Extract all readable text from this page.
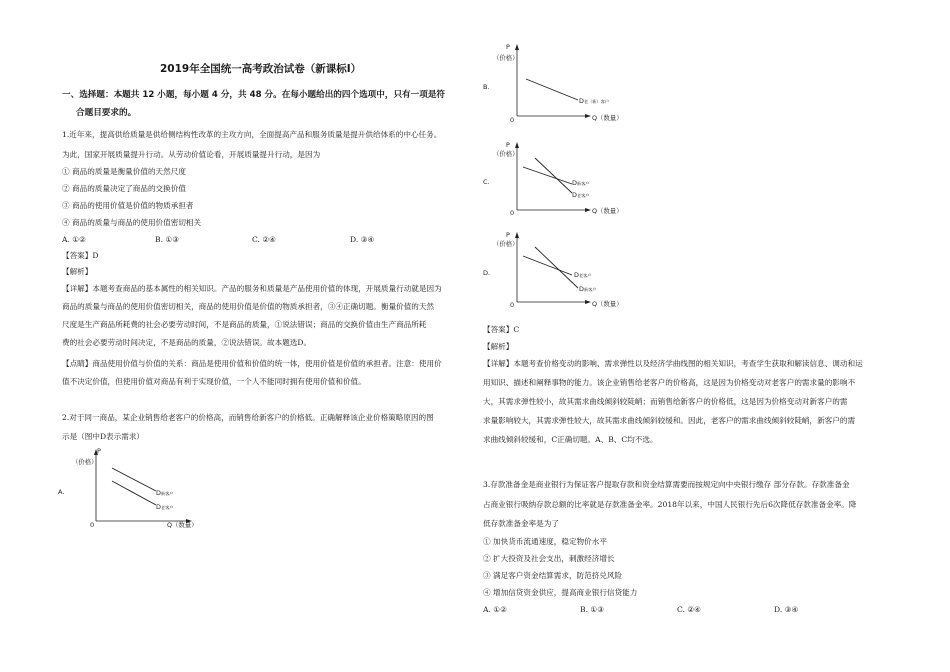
2019年全国统一高考政治试卷（新课标Ⅰ）
一、选择题：本题共 12 小题，每小题 4 分，共 48 分。在每小题给出的四个选项中，只有一项是符
合题目要求的。
1.近年来，提高供给质量是供给侧结构性改革的主攻方向，全面提高产品和服务质量是提升供给体系的中心任务。
为此，国家开展质量提升行动。从劳动价值论看，开展质量提升行动，是因为
① 商品的质量是衡量价值的天然尺度
② 商品的质量决定了商品的交换价值
③ 商品的使用价值是价值的物质承担者
④ 商品的质量与商品的使用价值密切相关
A. ①②	B. ①③	C. ②④	D. ③④
【答案】D
【解析】
【详解】本题考查商品的基本属性的相关知识。产品的服务和质量是产品使用价值的体现，开展质量行动就是因为
商品的质量与商品的使用价值密切相关，商品的使用价值是价值的物质承担者，③④正确切题。衡量价值的天然
尺度是生产商品所耗费的社会必要劳动时间，不是商品的质量，①说法错误；商品的交换价值由生产商品所耗
费的社会必要劳动时间决定，不是商品的质量，②说法错误。故本题选D。
【点睛】商品使用价值与价值的关系：商品是使用价值和价值的统一体，使用价值是价值的承担者。注意：使用价
值不决定价值，但使用价值对商品有利于实现价值，一个人不能同时拥有使用价值和价值。
2.对于同一商品，某企业销售给老客户的价格高，而销售给新客户的价格低。正确解释该企业价格策略原因的图
示是（图中D表示需求）
A.
P
（价格）
0	Q（数量）
D新客户
D老客户
B.
P
（价格）
0	Q（数量）
D老（新）客户
C.
P
（价格）
0	Q（数量）
D新客户
D老客户
D.
P
（价格）
0	Q（数量）
D老客户
D新客户
【答案】C
【解析】
【详解】本题考查价格变动的影响、需求弹性以及经济学曲线图的相关知识，考查学生获取和解读信息、调动和运
用知识、描述和阐释事物的能力。该企业销售给老客户的价格高，这是因为价格变动对老客户的需求量的影响不
大，其需求弹性较小，故其需求曲线倾斜较陡峭；而销售给新客户的价格低，这是因为价格变动对新客户的需
求量影响较大，其需求弹性较大，故其需求曲线倾斜较缓和。因此，老客户的需求曲线倾斜较陡峭，新客户的需
求曲线倾斜较缓和，C正确切题。A、B、C均不选。
3.存款准备金是商业银行为保证客户提取存款和资金结算需要而按规定向中央银行缴存 部分存款。存款准备金
占商业银行吸纳存款总额的比率就是存款准备金率。2018年以来，中国人民银行先后6次降低存款准备金率。降
低存款准备金率是为了
① 加快货币流通速度，稳定物价水平
② 扩大投资及社会支出，刺激经济增长
③ 满足客户资金结算需求，防范挤兑风险
④ 增加信贷资金供应，提高商业银行信贷能力
A. ①②	B. ①③	C. ②④	D. ③④
